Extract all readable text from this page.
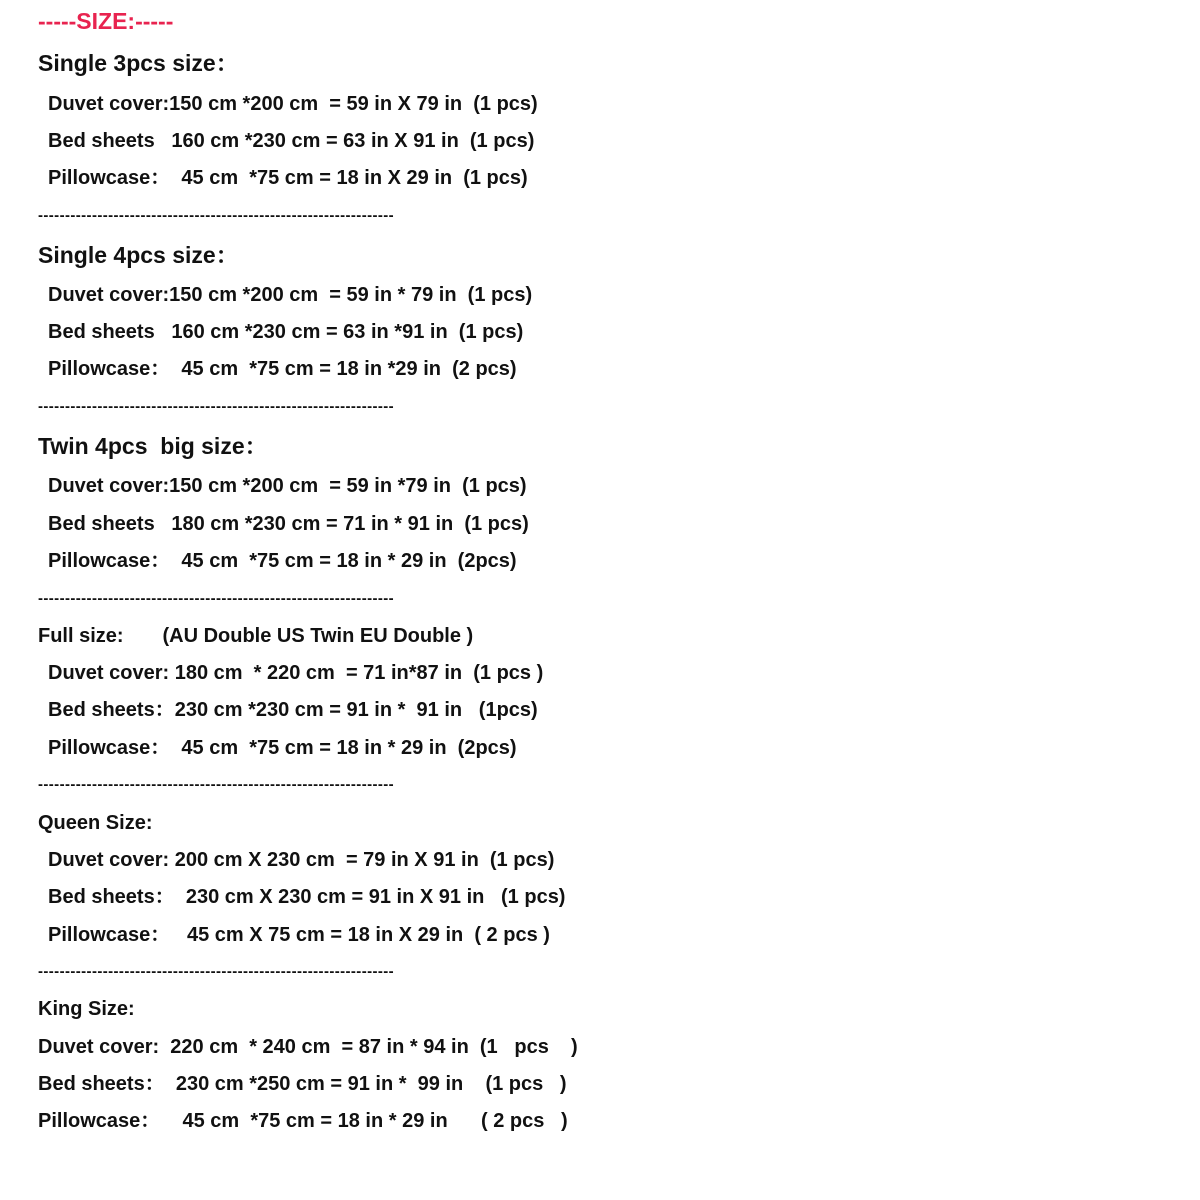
-----SIZE:-----
Single 3pcs size：
Duvet cover:150 cm *200 cm  = 59 in X 79 in  (1 pcs)
Bed sheets   160 cm *230 cm = 63 in X 91 in  (1 pcs)
Pillowcase：  45 cm  *75 cm = 18 in X 29 in  (1 pcs)
------------------------------------------------------------------
Single 4pcs size：
Duvet cover:150 cm *200 cm  = 59 in * 79 in  (1 pcs)
Bed sheets   160 cm *230 cm = 63 in *91 in  (1 pcs)
Pillowcase：  45 cm  *75 cm = 18 in *29 in  (2 pcs)
------------------------------------------------------------------
Twin 4pcs  big size：
Duvet cover:150 cm *200 cm  = 59 in *79 in  (1 pcs)
Bed sheets   180 cm *230 cm = 71 in * 91 in  (1 pcs)
Pillowcase：  45 cm  *75 cm = 18 in * 29 in  (2pcs)
------------------------------------------------------------------
Full size:       (AU Double US Twin EU Double )
Duvet cover: 180 cm  * 220 cm  = 71 in*87 in  (1 pcs )
Bed sheets：230 cm *230 cm = 91 in *  91 in   (1pcs)
Pillowcase：  45 cm  *75 cm = 18 in * 29 in  (2pcs)
------------------------------------------------------------------
Queen Size:
Duvet cover: 200 cm X 230 cm  = 79 in X 91 in  (1 pcs)
Bed sheets：  230 cm X 230 cm = 91 in X 91 in   (1 pcs)
Pillowcase：   45 cm X 75 cm = 18 in X 29 in  ( 2 pcs )
------------------------------------------------------------------
King Size:
Duvet cover:  220 cm  * 240 cm  = 87 in * 94 in  (1   pcs    )
Bed sheets：  230 cm *250 cm = 91 in *  99 in    (1 pcs   )
Pillowcase：    45 cm  *75 cm = 18 in * 29 in      ( 2 pcs   )
